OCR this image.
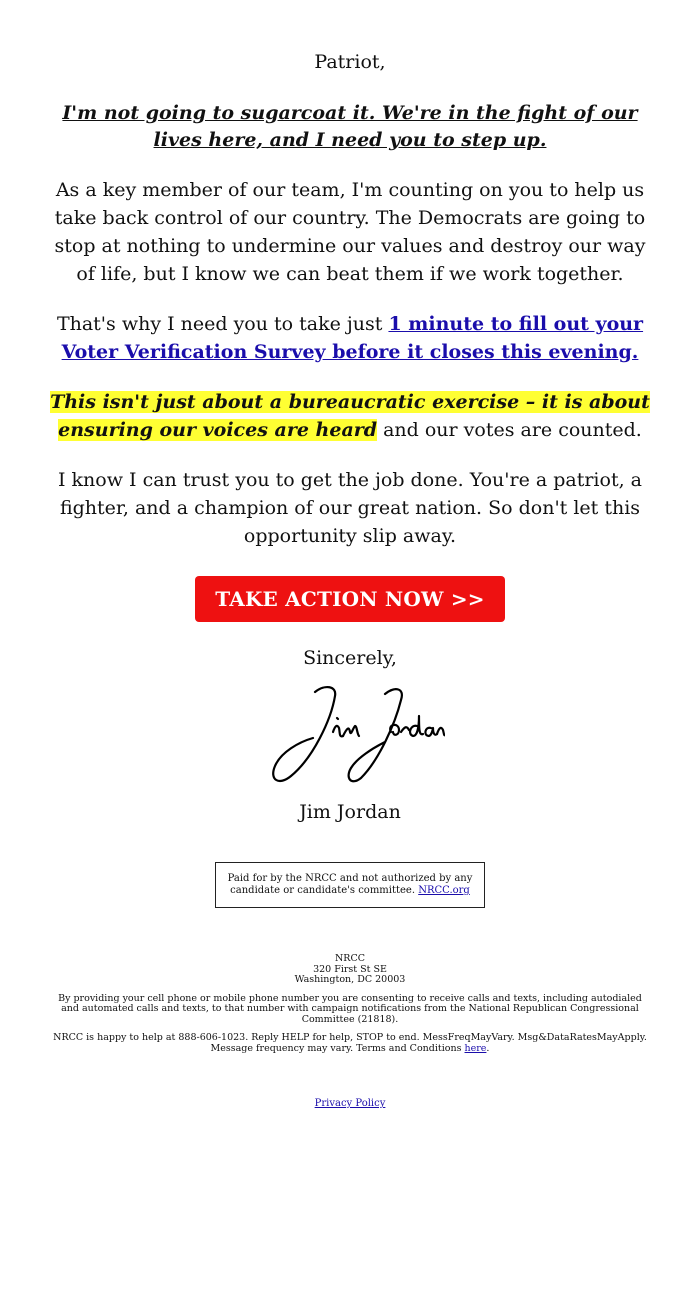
Patriot,
I'm not going to sugarcoat it. We're in the fight of our lives here, and I need you to step up.
As a key member of our team, I'm counting on you to help us take back control of our country. The Democrats are going to stop at nothing to undermine our values and destroy our way of life, but I know we can beat them if we work together.
That's why I need you to take just 1 minute to fill out your Voter Verification Survey before it closes this evening.
This isn't just about a bureaucratic exercise – it is about ensuring our voices are heard and our votes are counted.
I know I can trust you to get the job done. You're a patriot, a fighter, and a champion of our great nation. So don't let this opportunity slip away.
TAKE ACTION NOW >>
Sincerely,
Jim Jordan
Paid for by the NRCC and not authorized by any candidate or candidate's committee. NRCC.org

NRCC
320 First St SE
Washington, DC 20003

By providing your cell phone or mobile phone number you are consenting to receive calls and texts, including autodialed and automated calls and texts, to that number with campaign notifications from the National Republican Congressional Committee (21818).

NRCC is happy to help at 888-606-1023. Reply HELP for help, STOP to end. MessFreqMayVary. Msg&DataRatesMayApply. Message frequency may vary. Terms and Conditions here.

Privacy Policy
